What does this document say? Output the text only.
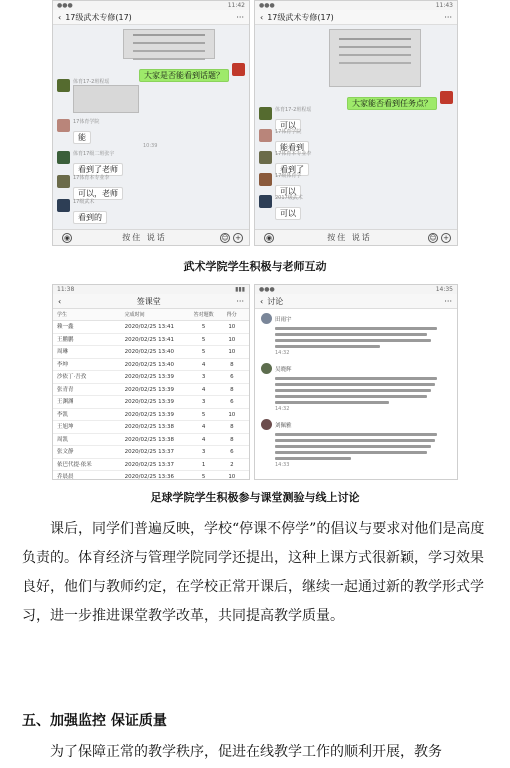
●●●	11:42
‹ 17级武术专修(17)	···
大家是否能看到话题？
体育17-2班程瑶
17体育学院
能
10:39
体育17级二班张宇
看到了老师
17体育本专业李
可以，老师
17级武术
看到的
◉	按住 说话	☺ +
●●●	11:43
‹ 17级武术专修(17)	···
大家能否看到任务点？
体育17-2班程瑶
可以
17体育学院
能看到
17体育本专业李
看到了
17级体育学
可以
2017级武术
可以
◉	按住 说话	☺ +
武术学院学生积极与老师互动
11:38	▮▮▮
‹	签课堂	···
学生	完成时间	答对题数	得分
赖一鑫	2020/02/25 13:41	5	10
王鹏鹏	2020/02/25 13:41	5	10
周琳	2020/02/25 13:40	5	10
李坤	2020/02/25 13:40	4	8
沙依丁·吾孜	2020/02/25 13:39	3	6
张青青	2020/02/25 13:39	4	8
王渊渊	2020/02/25 13:39	3	6
李凯	2020/02/25 13:39	5	10
王旭坤	2020/02/25 13:38	4	8
周凯	2020/02/25 13:38	4	8
张文静	2020/02/25 13:37	3	6
依巴代提·依米	2020/02/25 13:37	1	2
乔晨晨	2020/02/25 13:36	5	10
●●●	14:35
‹ 讨论	···
田雨宇
14:32
吴晓辉
14:32
刘佩雅
14:33
足球学院学生积极参与课堂测验与线上讨论
课后，同学们普遍反映，学校“停课不停学”的倡议与要求对他们是高度负责的。体育经济与管理学院同学还提出，这种上课方式很新颖，学习效果良好，他们与教师约定，在学校正常开课后，继续一起通过新的教学形式学习，进一步推进课堂教学改革，共同提高教学质量。
五、加强监控 保证质量
为了保障正常的教学秩序，促进在线教学工作的顺利开展，教务
